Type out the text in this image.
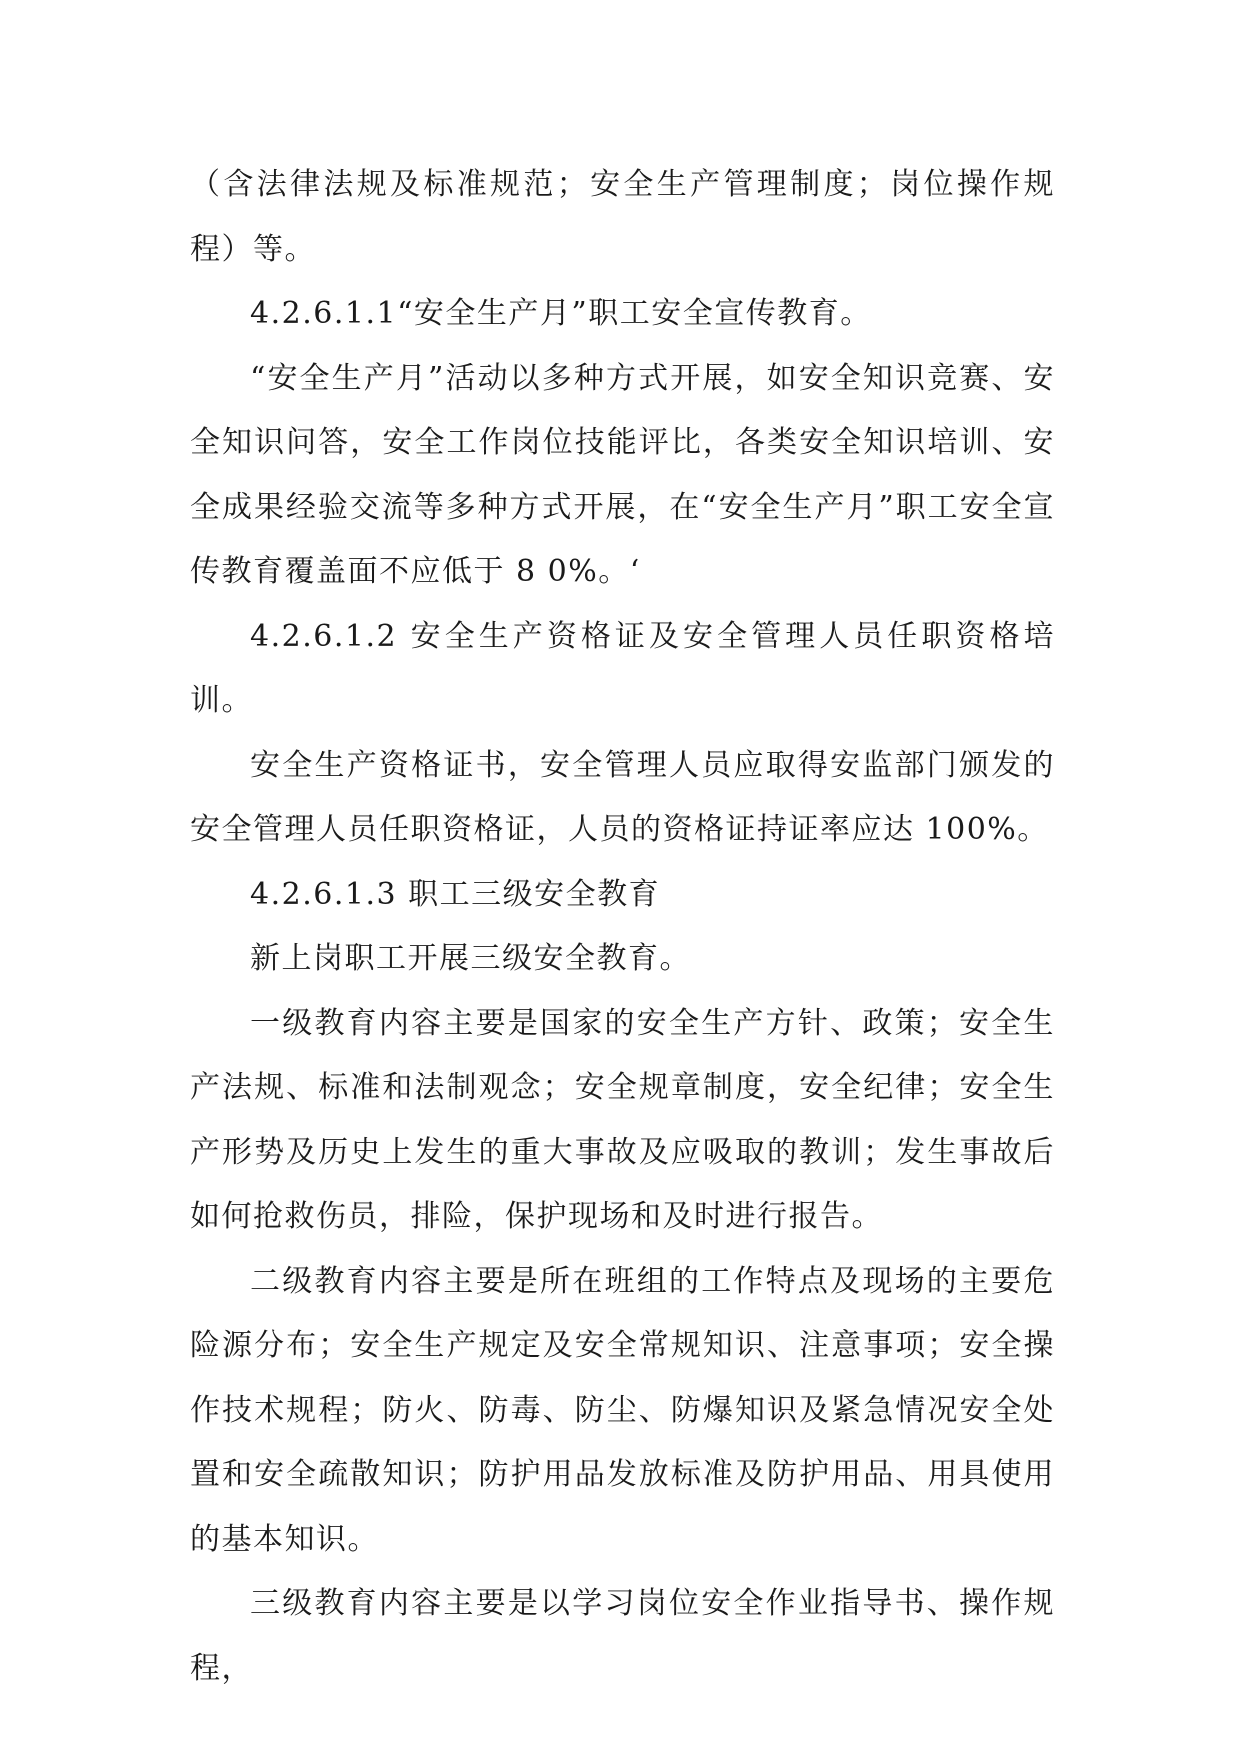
（含法律法规及标准规范；安全生产管理制度；岗位操作规程）等。

4.2.6.1.1“安全生产月”职工安全宣传教育。

“安全生产月”活动以多种方式开展，如安全知识竞赛、安全知识问答，安全工作岗位技能评比，各类安全知识培训、安全成果经验交流等多种方式开展，在“安全生产月”职工安全宣传教育覆盖面不应低于 8 0%。‘

4.2.6.1.2 安全生产资格证及安全管理人员任职资格培训。

安全生产资格证书，安全管理人员应取得安监部门颁发的安全管理人员任职资格证，人员的资格证持证率应达 100%。

4.2.6.1.3 职工三级安全教育

新上岗职工开展三级安全教育。

一级教育内容主要是国家的安全生产方针、政策；安全生产法规、标准和法制观念；安全规章制度，安全纪律；安全生产形势及历史上发生的重大事故及应吸取的教训；发生事故后如何抢救伤员，排险，保护现场和及时进行报告。

二级教育内容主要是所在班组的工作特点及现场的主要危险源分布；安全生产规定及安全常规知识、注意事项；安全操作技术规程；防火、防毒、防尘、防爆知识及紧急情况安全处置和安全疏散知识；防护用品发放标准及防护用品、用具使用的基本知识。

三级教育内容主要是以学习岗位安全作业指导书、操作规程，
